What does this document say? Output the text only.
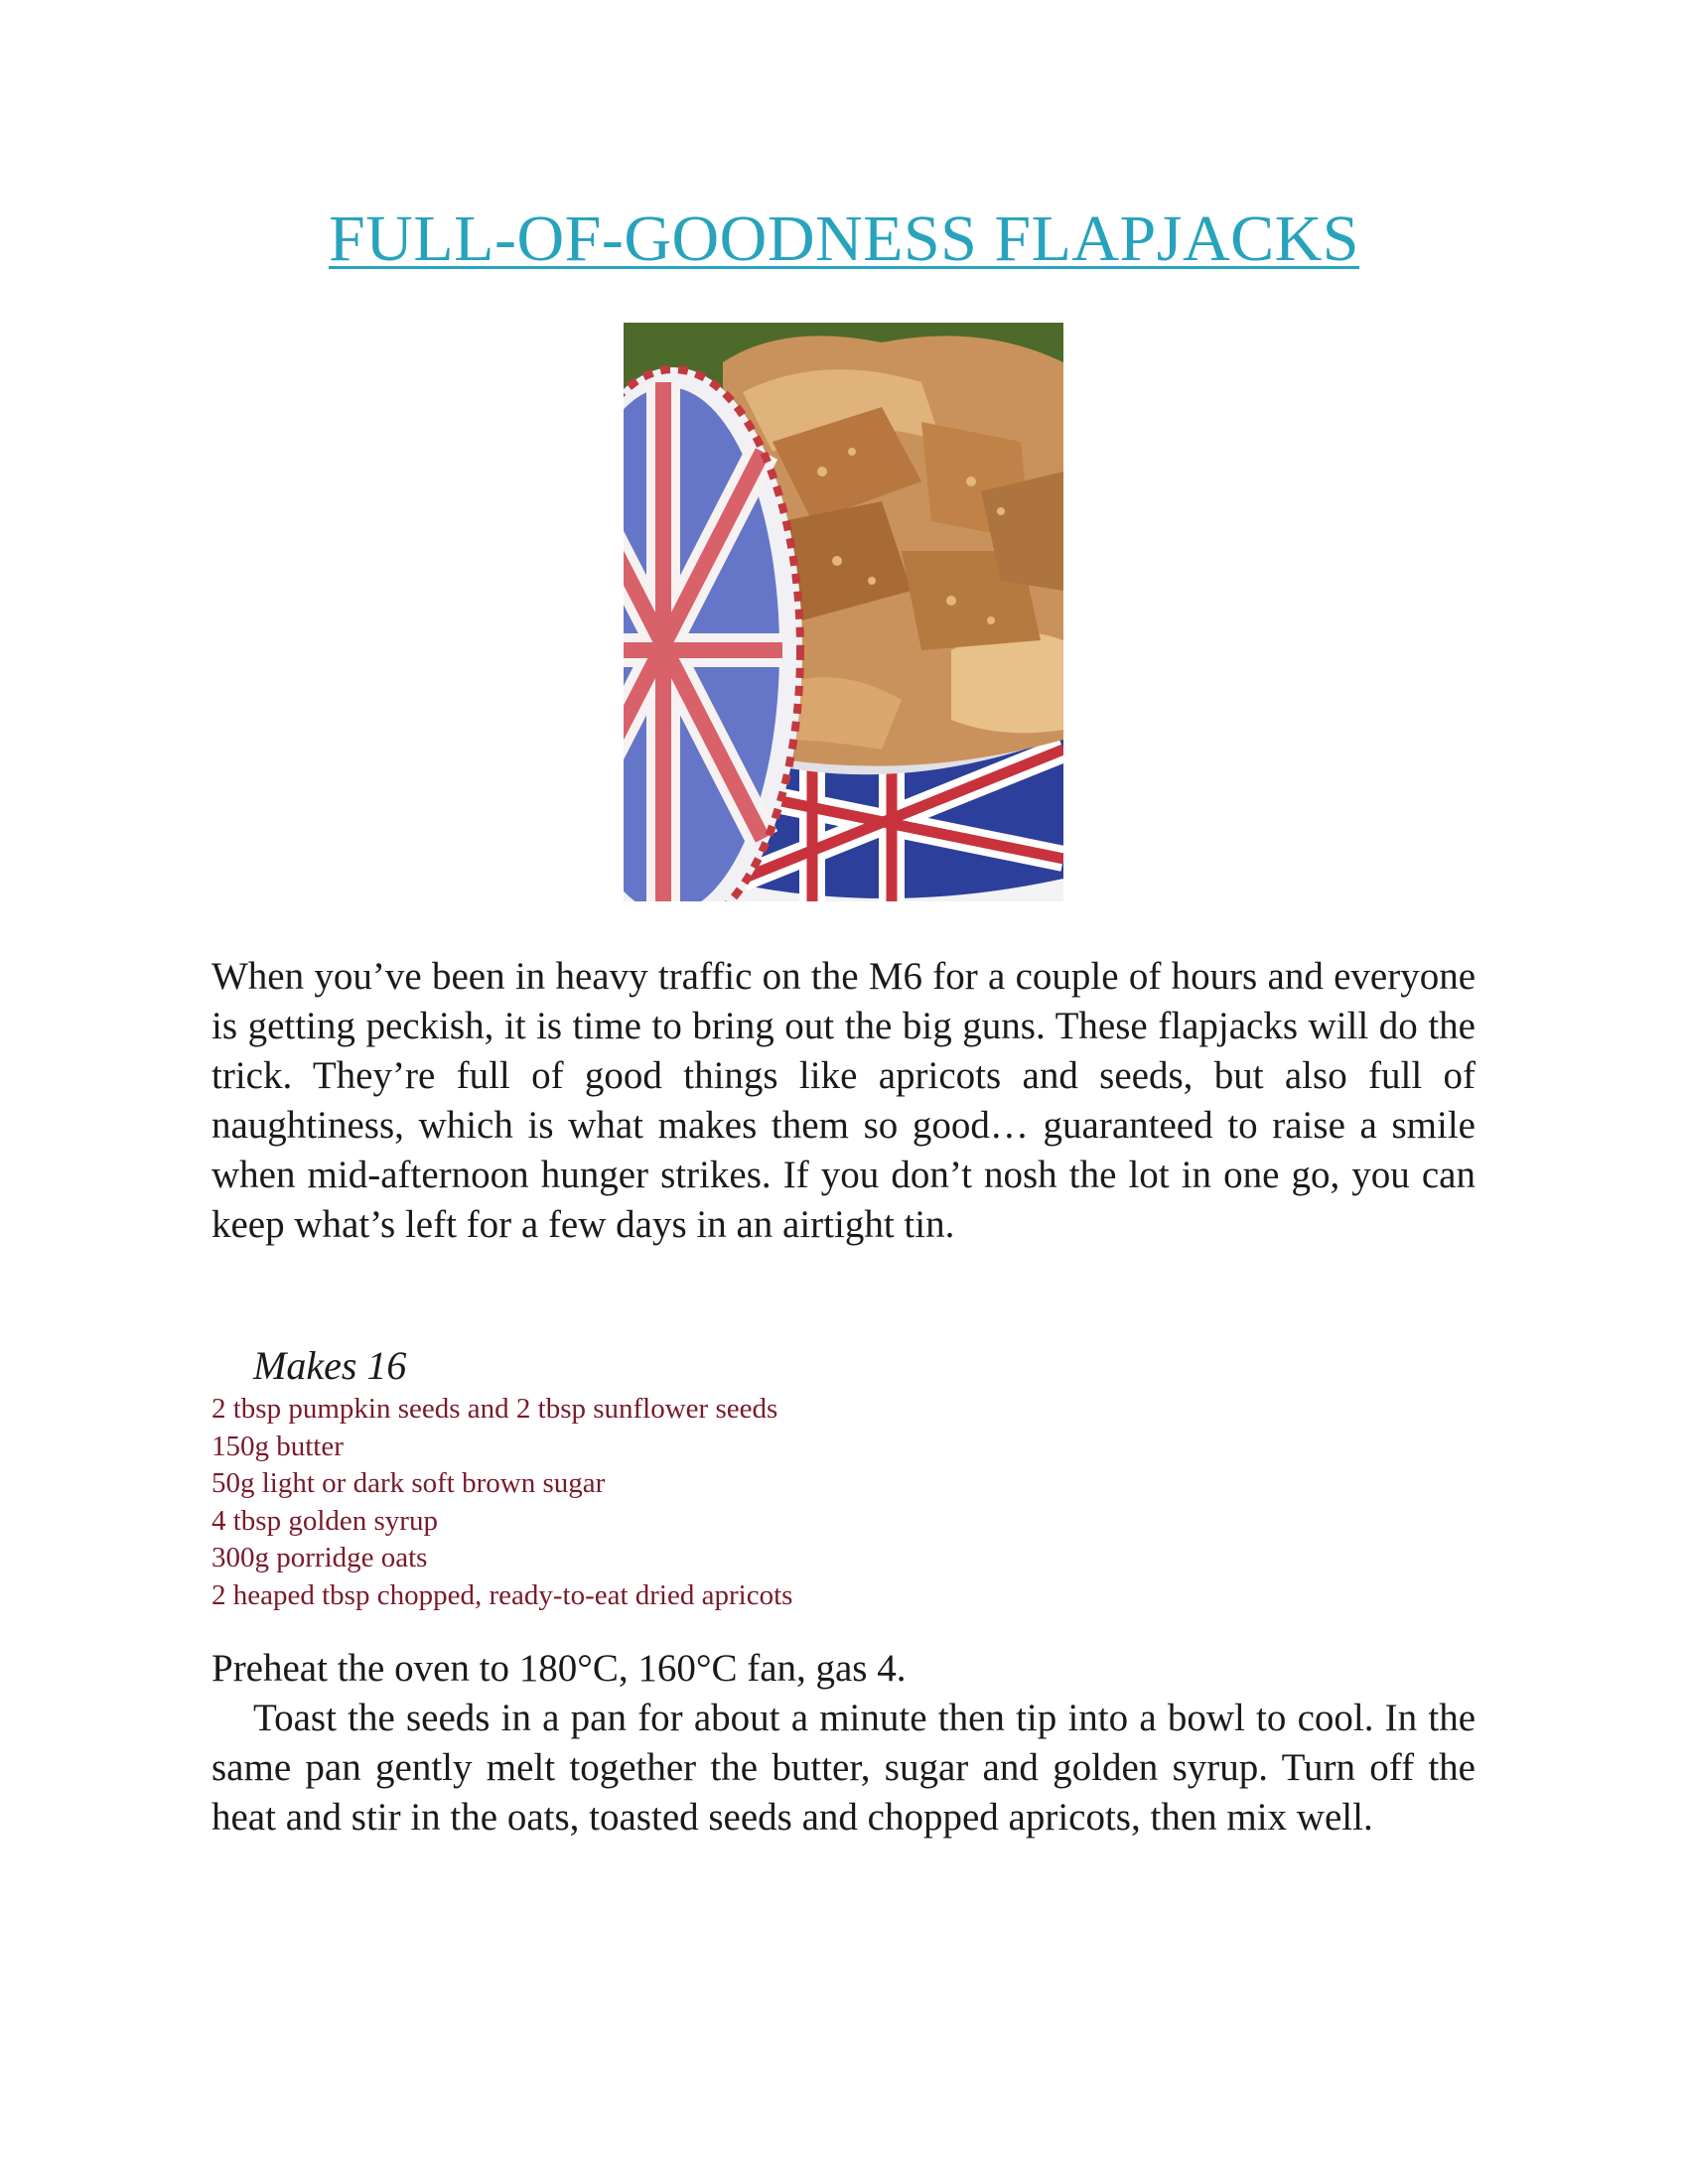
FULL-OF-GOODNESS FLAPJACKS

When you’ve been in heavy traffic on the M6 for a couple of hours and everyone is getting peckish, it is time to bring out the big guns. These flapjacks will do the trick. They’re full of good things like apricots and seeds, but also full of naughtiness, which is what makes them so good… guaranteed to raise a smile when mid-afternoon hunger strikes. If you don’t nosh the lot in one go, you can keep what’s left for a few days in an airtight tin.

Makes 16

2 tbsp pumpkin seeds and 2 tbsp sunflower seeds
150g butter
50g light or dark soft brown sugar
4 tbsp golden syrup
300g porridge oats
2 heaped tbsp chopped, ready-to-eat dried apricots

Preheat the oven to 180°C, 160°C fan, gas 4.

Toast the seeds in a pan for about a minute then tip into a bowl to cool. In the same pan gently melt together the butter, sugar and golden syrup. Turn off the heat and stir in the oats, toasted seeds and chopped apricots, then mix well.
